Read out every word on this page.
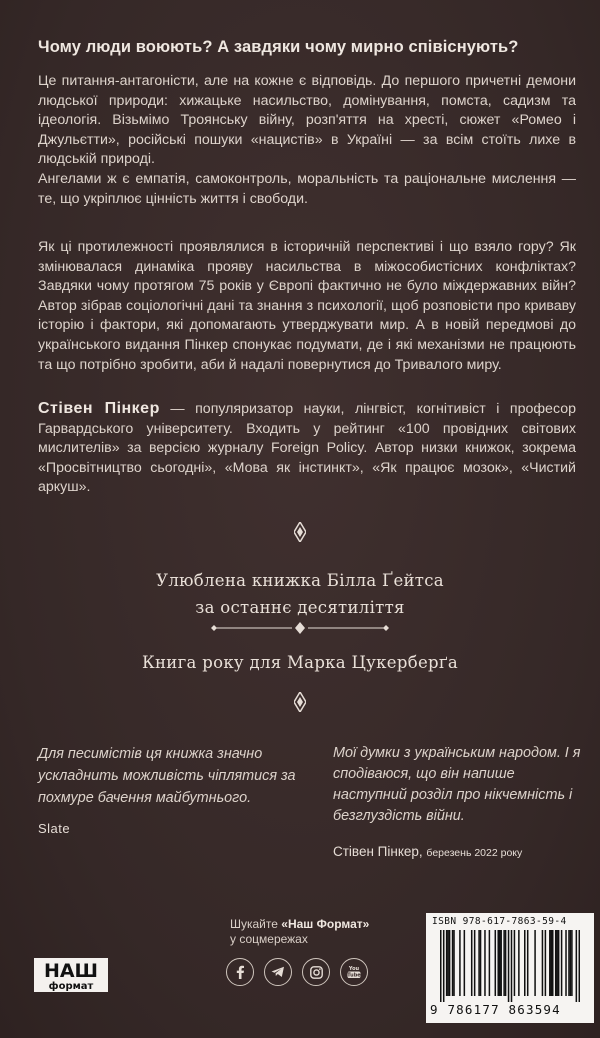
Чому люди воюють? А завдяки чому мирно співіснують?

Це питання-антагоністи, але на кожне є відповідь. До першого причетні демони людської природи: хижацьке насильство, домінування, помста, садизм та ідеологія. Візьмімо Троянську війну, розп'яття на хресті, сюжет «Ромео і Джульєтти», російські пошуки «нацистів» в Україні — за всім стоїть лихе в людській природі.

Ангелами ж є емпатія, самоконтроль, моральність та раціональне мислення — те, що укріплює цінність життя і свободи.

Як ці протилежності проявлялися в історичній перспективі і що взяло гору? Як змінювалася динаміка прояву насильства в міжособистісних конфліктах? Завдяки чому протягом 75 років у Європі фактично не було міждержавних війн? Автор зібрав соціологічні дані та знання з психології, щоб розповісти про криваву історію і фактори, які допомагають утверджувати мир. А в новій передмові до українського видання Пінкер спонукає подумати, де і які механізми не працюють та що потрібно зробити, аби й надалі повернутися до Тривалого миру.

Стівен Пінкер — популяризатор науки, лінгвіст, когнітивіст і професор Гарвардського університету. Входить у рейтинг «100 провідних світових мислителів» за версією журналу Foreign Policy. Автор низки книжок, зокрема «Просвітництво сьогодні», «Мова як інстинкт», «Як працює мозок», «Чистий аркуш».

Улюблена книжка Білла Ґейтса
за останнє десятиліття
Книга року для Марка Цукерберґа
Для песимістів ця книжка значно ускладнить можливість чіплятися за похмуре бачення майбутнього.
Slate
Мої думки з українським народом. І я сподіваюся, що він напише наступний розділ про нікчемність і безглуздість війни.
Стівен Пінкер, березень 2022 року
Шукайте «Наш Формат»
у соцмережах
НАШ
формат
You
Tube
ISBN 978-617-7863-59-4
9 786177 863594
